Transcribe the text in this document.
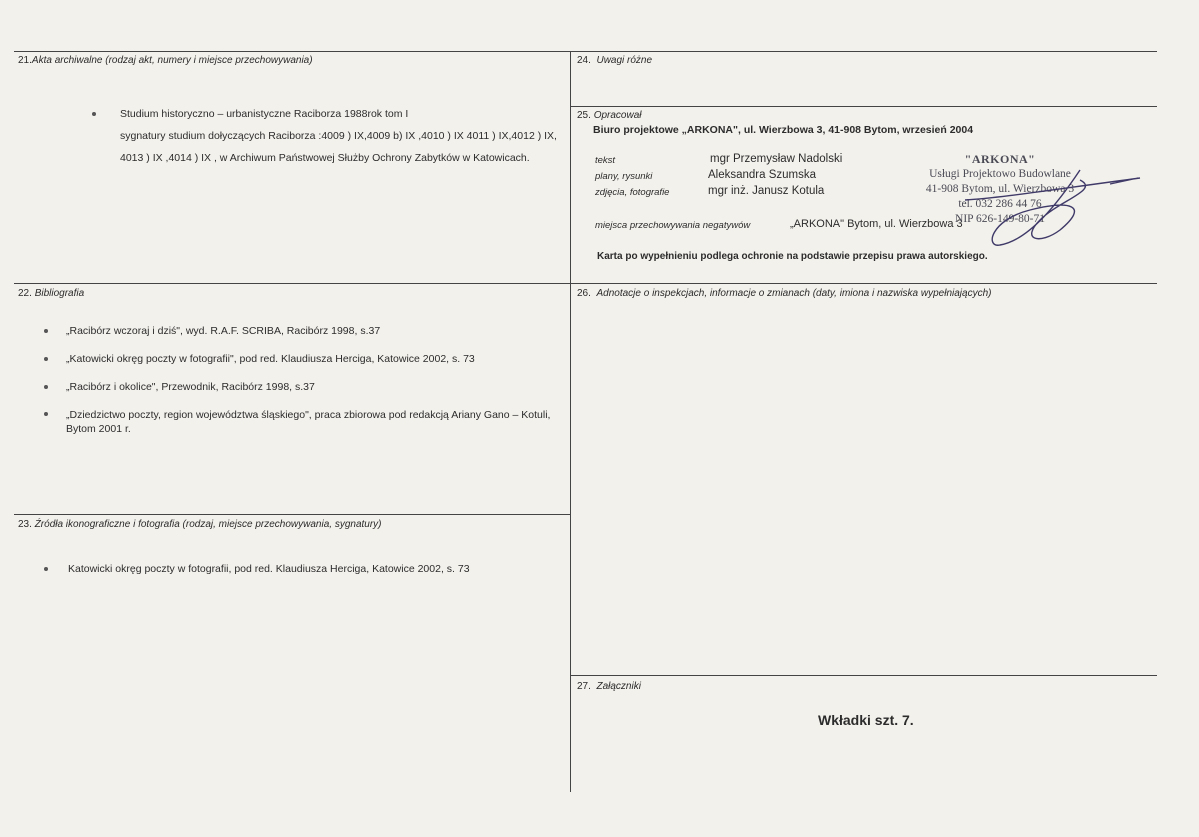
21.Akta archiwalne (rodzaj akt, numery i miejsce przechowywania)
Studium historyczno – urbanistyczne Raciborza 1988rok tom I
sygnatury studium dołyczących Raciborza :4009 ) IX,4009 b) IX ,4010 ) IX 4011 ) IX,4012 ) IX,
4013 ) IX ,4014 ) IX , w Archiwum Państwowej Służby Ochrony Zabytków w Katowicach.
24. Uwagi różne
25. Opracował
Biuro projektowe „ARKONA", ul. Wierzbowa 3, 41-908 Bytom, wrzesień 2004
tekst	mgr Przemysław Nadolski
plany, rysunki	Aleksandra Szumska
zdjęcia, fotografie	mgr inż. Janusz Kotula
miejsca przechowywania negatywów	„ARKONA" Bytom, ul. Wierzbowa 3
Karta po wypełnieniu podlega ochronie na podstawie przepisu prawa autorskiego.
"ARKONA"
Usługi Projektowo Budowlane
41-908 Bytom, ul. Wierzbowa 3
tel. 032 286 44 76
NIP 626-149-80-71
22. Bibliografia
„Racibórz wczoraj i dziś", wyd. R.A.F. SCRIBA, Racibórz 1998, s.37
„Katowicki okręg poczty w fotografii", pod red. Klaudiusza Herciga, Katowice 2002, s. 73
„Racibórz i okolice", Przewodnik, Racibórz 1998, s.37
„Dziedzictwo poczty, region województwa śląskiego", praca zbiorowa pod redakcją Ariany Gano – Kotuli,
Bytom 2001 r.
26. Adnotacje o inspekcjach, informacje o zmianach (daty, imiona i nazwiska wypełniających)
23. Źródła ikonograficzne i fotografia (rodzaj, miejsce przechowywania, sygnatury)
Katowicki okręg poczty w fotografii, pod red. Klaudiusza Herciga, Katowice 2002, s. 73
27. Załączniki
Wkładki szt. 7.
